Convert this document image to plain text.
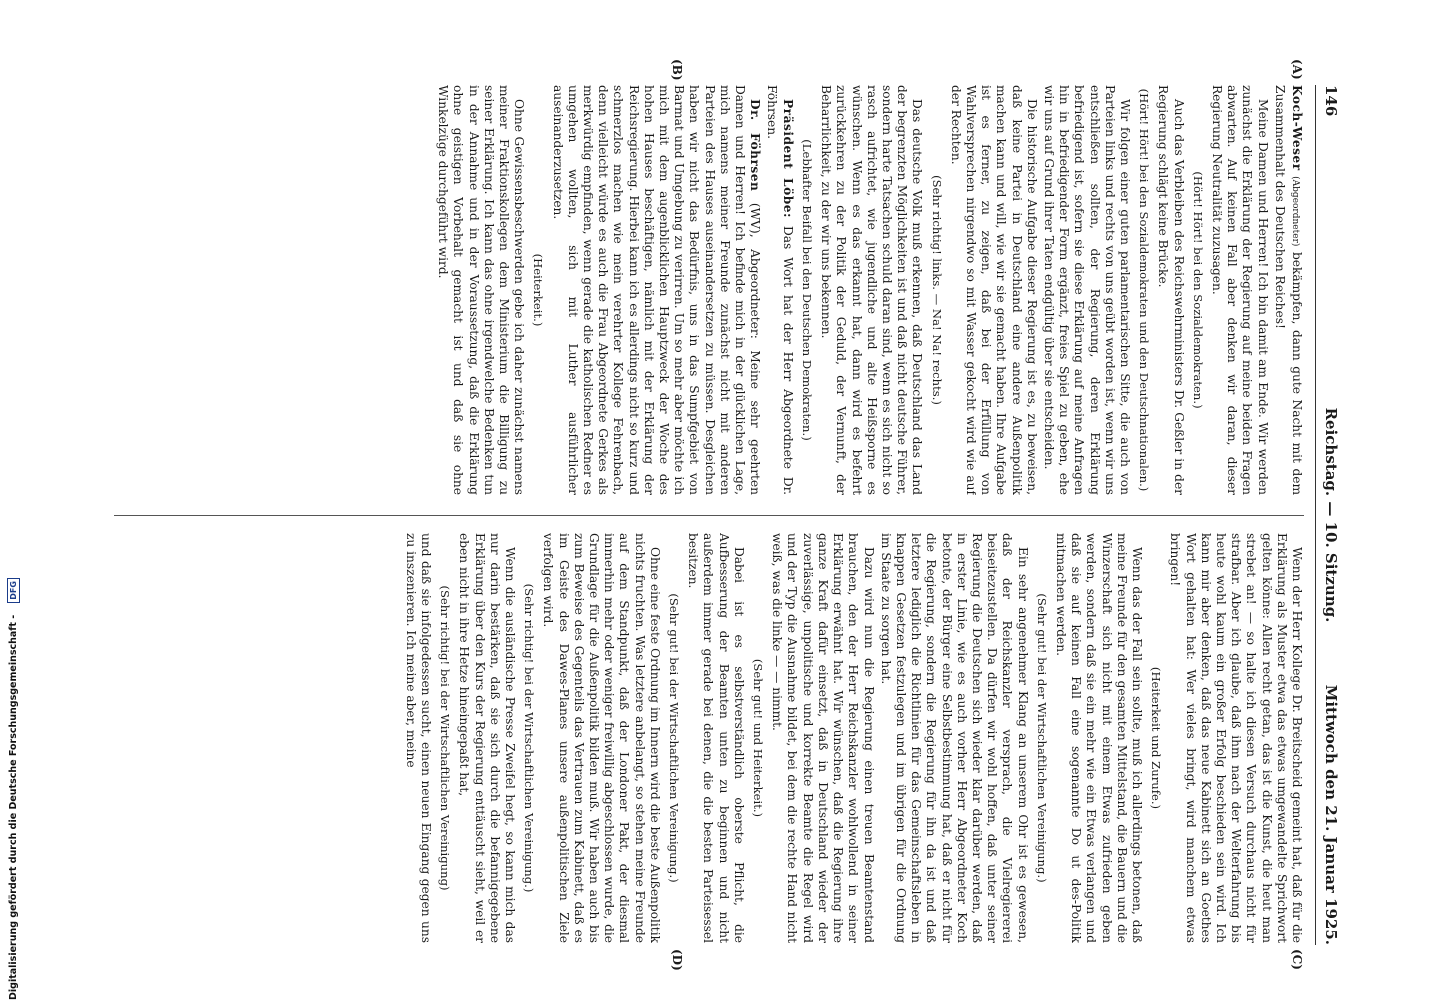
146
Reichstag. — 10. Sitzung.
Mittwoch den 21. Januar 1925.
(A)
(B)
(C)
(D)

Koch-Weser (Abgeordneter) bekämpfen, dann gute Nacht mit dem Zusammenhalt des Deutschen Reiches!

Meine Damen und Herren! Ich bin damit am Ende. Wir werden zunächst die Erklärung der Regierung auf meine beiden Fragen abwarten. Auf keinen Fall aber denken wir daran, dieser Regierung Neutralität zuzusagen.

(Hört! Hört! bei den Sozialdemokraten.)

Auch das Verbleiben des Reichswehrministers Dr. Geßler in der Regierung schlägt keine Brücke.

(Hört! Hört! bei den Sozialdemokraten und den Deutschnationalen.)

Wir folgen einer guten parlamentarischen Sitte, die auch von Parteien links und rechts von uns geübt worden ist, wenn wir uns entschließen sollten, der Regierung, deren Erklärung befriedigend ist, sofern sie diese Erklärung auf meine Anfragen hin in befriedigender Form ergänzt, freies Spiel zu geben, ehe wir uns auf Grund ihrer Taten endgültig über sie entscheiden.

Die historische Aufgabe dieser Regierung ist es, zu beweisen, daß keine Partei in Deutschland eine andere Außenpolitik machen kann und will, wie wir sie gemacht haben. Ihre Aufgabe ist es ferner, zu zeigen, daß bei der Erfüllung von Wahlversprechen nirgendwo so mit Wasser gekocht wird wie auf der Rechten.

(Sehr richtig! links. — Na! Na! rechts.)

Das deutsche Volk muß erkennen, daß Deutschland das Land der begrenzten Möglichkeiten ist und daß nicht deutsche Führer, sondern harte Tatsachen schuld daran sind, wenn es sich nicht so rasch aufrichtet, wie jugendliche und alte Heißsporne es wünschen. Wenn es das erkannt hat, dann wird es befehrt zurückkehren zu der Politik der Geduld, der Vernunft, der Beharrlichkeit, zu der wir uns bekennen.

(Lebhafter Beifall bei den Deutschen Demokraten.)

Präsident Löbe: Das Wort hat der Herr Abgeordnete Dr. Föhrsen.

Dr. Föhrsen (WV), Abgeordneter: Meine sehr geehrten Damen und Herren! Ich befinde mich in der glücklichen Lage, mich namens meiner Freunde zunächst nicht mit anderen Parteien des Hauses auseinandersetzen zu müssen. Desgleichen haben wir nicht das Bedürfnis, uns in das Sumpfgebiet von Barmat und Umgebung zu verirren. Um so mehr aber möchte ich mich mit dem augenblicklichen Hauptzweck der Woche des hohen Hauses beschäftigen, nämlich mit der Erklärung der Reichsregierung. Hierbei kann ich es allerdings nicht so kurz und schmerzlos machen wie mein verehrter Kollege Fehrenbach, denn vielleicht würde es auch die Frau Abgeordnete Gerkes als merkwürdig empfinden, wenn gerade die katholischen Redner es umgehen wollten, sich mit Luther ausführlicher auseinanderzusetzen.

(Heiterkeit.)

Ohne Gewissensbeschwerden gebe ich daher zunächst namens meiner Fraktionskollegen dem Ministerium die Billigung zu seiner Erklärung. Ich kann das ohne irgendwelche Bedenken tun in der Annahme und in der Voraussetzung, daß die Erklärung ohne geistigen Vorbehalt gemacht ist und daß sie ohne Winkelzüge durchgeführt wird.

Wenn der Herr Kollege Dr. Breitscheid gemeint hat, daß für die Erklärung als Muster etwa das etwas umgewandelte Sprichwort gelten könne: Allen recht getan, das ist die Kunst, die heut man strebet an! — so halte ich diesen Versuch durchaus nicht für strafbar. Aber ich glaube, daß ihm nach der Welterfahrung bis heute wohl kaum ein großer Erfolg beschieden sein wird. Ich kann mir aber denken, daß das neue Kabinett sich an Goethes Wort gehalten hat: Wer vieles bringt, wird manchem etwas bringen!

(Heiterkeit und Zurufe.)

Wenn das der Fall sein sollte, muß ich allerdings betonen, daß meine Freunde für den gesamten Mittelstand, die Bauern und die Winzerschaft sich nicht mit einem Etwas zufrieden geben werden, sondern daß sie ein mehr wie ein Etwas verlangen und daß sie auf keinen Fall eine sogenannte Do ut des-Politik mitmachen werden.

(Sehr gut! bei der Wirtschaftlichen Vereinigung.)

Ein sehr angenehmer Klang an unserem Ohr ist es gewesen, daß der Reichskanzler versprach, die Vielregiererei beiseitezustellen. Da dürfen wir wohl hoffen, daß unter seiner Regierung die Deutschen sich wieder klar darüber werden, daß in erster Linie, wie es auch vorher Herr Abgeordneter Koch betonte, der Bürger eine Selbstbestimmung hat, daß er nicht für die Regierung, sondern die Regierung für ihn da ist und daß letztere lediglich die Richtlinien für das Gemeinschaftsleben in knappen Gesetzen festzulegen und im übrigen für die Ordnung im Staate zu sorgen hat.

Dazu wird nun die Regierung einen treuen Beamtenstand brauchen, den der Herr Reichskanzler wohlwollend in seiner Erklärung erwähnt hat. Wir wünschen, daß die Regierung ihre ganze Kraft dafür einsetzt, daß in Deutschland wieder der zuverlässige, unpolitische und korrekte Beamte die Regel wird und der Typ die Ausnahme bildet, bei dem die rechte Hand nicht weiß, was die linke — — nimmt.

(Sehr gut! und Heiterkeit.)

Dabei ist es selbstverständlich oberste Pflicht, die Aufbesserung der Beamten unten zu beginnen und nicht außerdem immer gerade bei denen, die die besten Parteisessel besitzen.

(Sehr gut! bei der Wirtschaftlichen Vereinigung.)

Ohne eine feste Ordnung im Innern wird die beste Außenpolitik nichts fruchten. Was letztere anbelangt, so stehen meine Freunde auf dem Standpunkt, daß der Londoner Pakt, der diesmal immerhin mehr oder weniger freiwillig abgeschlossen wurde, die Grundlage für die Außenpolitik bilden muß. Wir haben auch bis zum Beweise des Gegenteils das Vertrauen zum Kabinett, daß es im Geiste des Dawes-Planes unsere außenpolitischen Ziele verfolgen wird.

(Sehr richtig! bei der Wirtschaftlichen Vereinigung.)

Wenn die ausländische Presse Zweifel hegt, so kann mich das nur darin bestärken, daß sie sich durch die befannigegebene Erklärung über den Kurs der Regierung enttäuscht sieht, weil er eben nicht in ihre Hetze hineingepaßt hat,

(Sehr richtig! bei der Wirtschaftlichen Vereinigung)

und daß sie infolgedessen sucht, einen neuen Eingang gegen uns zu inszenieren. Ich meine aber, meine

Digitalisierung gefördert durch die Deutsche Forschungsgemeinschaft -DFG
